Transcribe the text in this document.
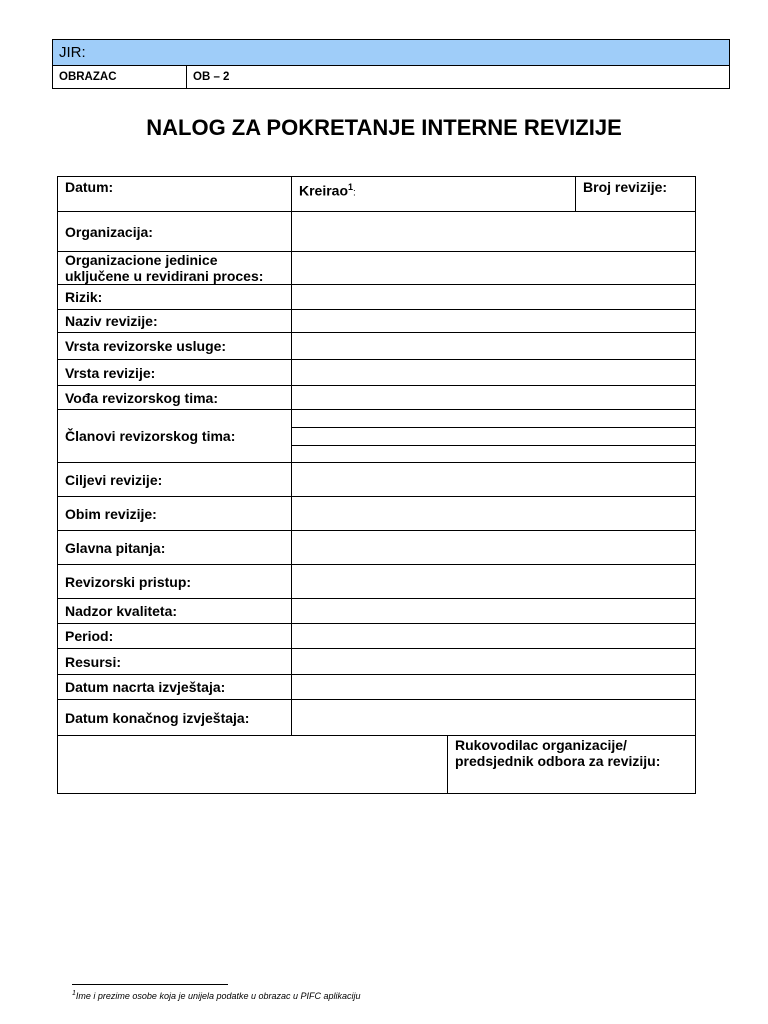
JIR:
OBRAZAC	OB – 2
NALOG ZA POKRETANJE INTERNE REVIZIJE
Datum:	Kreirao$^1$:		Broj revizije:
Organizacija:			
Organizacione jedinice
uključene u revidirani proces:			
Rizik:			
Naziv revizije:			
Vrsta revizorske usluge:			
Vrsta revizije:			
Vođa revizorskog tima:			
Članovi revizorskog tima:			

Ciljevi revizije:			
Obim revizije:			
Glavna pitanja:			
Revizorski pristup:			
Nadzor kvaliteta:			
Period:			
Resursi:			
Datum nacrta izvještaja:			
Datum konačnog izvještaja:			
		Rukovodilac organizacije/
predsjednik odbora za reviziju:	
$^1$Ime i prezime osobe koja je unijela podatke u obrazac u PIFC aplikaciju
